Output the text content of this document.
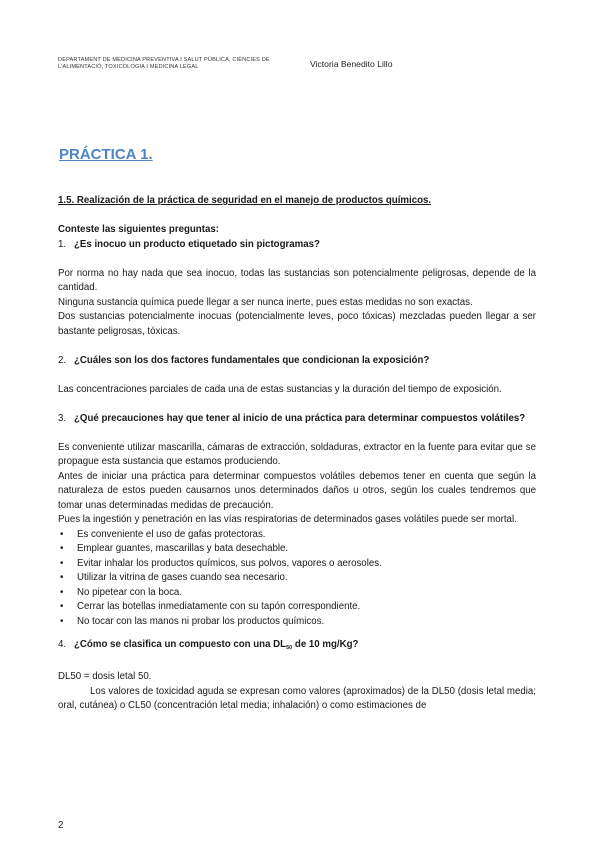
DEPARTAMENT DE MEDICINA PREVENTIVA I SALUT PÚBLICA, CIÈNCIES DE L'ALIMENTACIÓ, TOXICOLOGIA I MEDICINA LEGAL	Victoria Benedito Lillo
PRÁCTICA 1.

1.5. Realización de la práctica de seguridad en el manejo de productos químicos.

Conteste las siguientes preguntas:

1. ¿Es inocuo un producto etiquetado sin pictogramas?

Por norma no hay nada que sea inocuo, todas las sustancias son potencialmente peligrosas, depende de la cantidad.

Ninguna sustancia química puede llegar a ser nunca inerte, pues estas medidas no son exactas.

Dos sustancias potencialmente inocuas (potencialmente leves, poco tóxicas) mezcladas pueden llegar a ser bastante peligrosas, tóxicas.

2. ¿Cuáles son los dos factores fundamentales que condicionan la exposición?

Las concentraciones parciales de cada una de estas sustancias y la duración del tiempo de exposición.

3. ¿Qué precauciones hay que tener al inicio de una práctica para determinar compuestos volátiles?

Es conveniente utilizar mascarilla, cámaras de extracción, soldaduras, extractor en la fuente para evitar que se propague esta sustancia que estamos produciendo.

Antes de iniciar una práctica para determinar compuestos volátiles debemos tener en cuenta que según la naturaleza de estos pueden causarnos unos determinados daños u otros, según los cuales tendremos que tomar unas determinadas medidas de precaución.

Pues la ingestión y penetración en las vías respiratorias de determinados gases volátiles puede ser mortal.

• Es conveniente el uso de gafas protectoras.
• Emplear guantes, mascarillas y bata desechable.
• Evitar inhalar los productos químicos, sus polvos, vapores o aerosoles.
• Utilizar la vitrina de gases cuando sea necesario.
• No pipetear con la boca.
• Cerrar las botellas inmediatamente con su tapón correspondiente.
• No tocar con las manos ni probar los productos químicos.
4. ¿Cómo se clasifica un compuesto con una $DL_{50}$ de 10 mg/Kg?

DL50 = dosis letal 50.

Los valores de toxicidad aguda se expresan como valores (aproximados) de la DL50 (dosis letal media; oral, cutánea) o CL50 (concentración letal media; inhalación) o como estimaciones de

2
